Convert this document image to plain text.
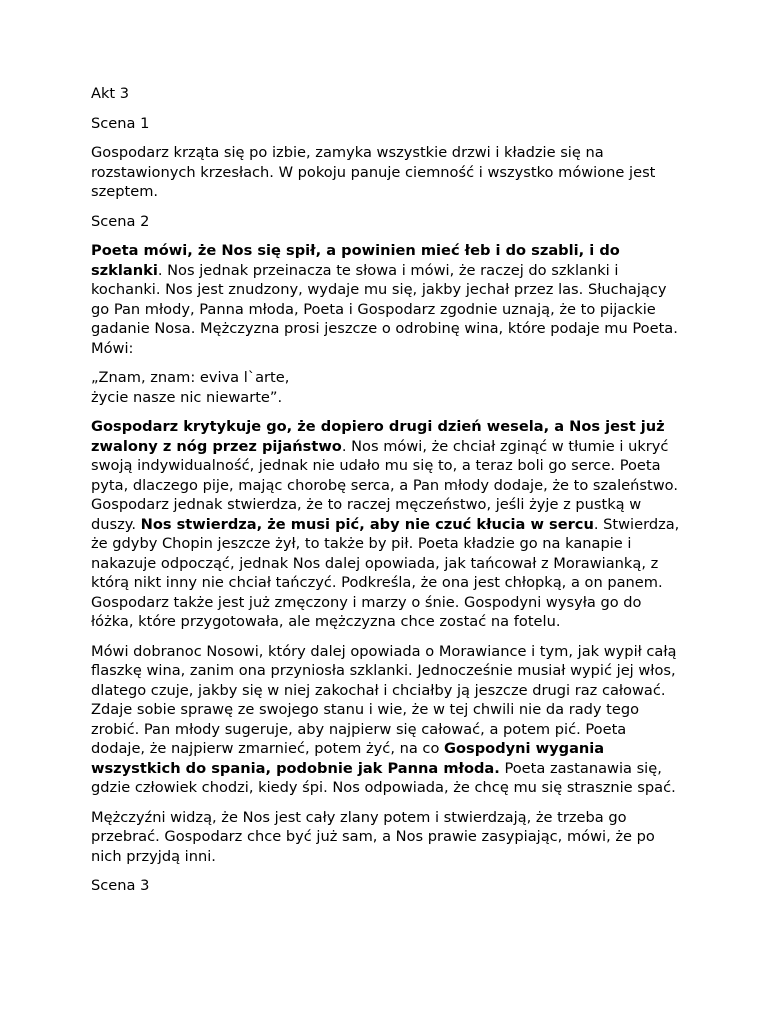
Akt 3

Scena 1

Gospodarz krząta się po izbie, zamyka wszystkie drzwi i kładzie się na rozstawionych krzesłach. W pokoju panuje ciemność i wszystko mówione jest szeptem.

Scena 2

Poeta mówi, że Nos się spił, a powinien mieć łeb i do szabli, i do szklanki. Nos jednak przeinacza te słowa i mówi, że raczej do szklanki i kochanki. Nos jest znudzony, wydaje mu się, jakby jechał przez las. Słuchający go Pan młody, Panna młoda, Poeta i Gospodarz zgodnie uznają, że to pijackie gadanie Nosa. Mężczyzna prosi jeszcze o odrobinę wina, które podaje mu Poeta. Mówi:

„Znam, znam: eviva l`arte,
życie nasze nic niewarte”.

Gospodarz krytykuje go, że dopiero drugi dzień wesela, a Nos jest już zwalony z nóg przez pijaństwo. Nos mówi, że chciał zginąć w tłumie i ukryć swoją indywidualność, jednak nie udało mu się to, a teraz boli go serce. Poeta pyta, dlaczego pije, mając chorobę serca, a Pan młody dodaje, że to szaleństwo. Gospodarz jednak stwierdza, że to raczej męczeństwo, jeśli żyje z pustką w duszy. Nos stwierdza, że musi pić, aby nie czuć kłucia w sercu. Stwierdza, że gdyby Chopin jeszcze żył, to także by pił. Poeta kładzie go na kanapie i nakazuje odpocząć, jednak Nos dalej opowiada, jak tańcował z Morawianką, z którą nikt inny nie chciał tańczyć. Podkreśla, że ona jest chłopką, a on panem. Gospodarz także jest już zmęczony i marzy o śnie. Gospodyni wysyła go do łóżka, które przygotowała, ale mężczyzna chce zostać na fotelu.

Mówi dobranoc Nosowi, który dalej opowiada o Morawiance i tym, jak wypił całą flaszkę wina, zanim ona przyniosła szklanki. Jednocześnie musiał wypić jej włos, dlatego czuje, jakby się w niej zakochał i chciałby ją jeszcze drugi raz całować. Zdaje sobie sprawę ze swojego stanu i wie, że w tej chwili nie da rady tego zrobić. Pan młody sugeruje, aby najpierw się całować, a potem pić. Poeta dodaje, że najpierw zmarnieć, potem żyć, na co Gospodyni wygania wszystkich do spania, podobnie jak Panna młoda. Poeta zastanawia się, gdzie człowiek chodzi, kiedy śpi. Nos odpowiada, że chcę mu się strasznie spać.

Mężczyźni widzą, że Nos jest cały zlany potem i stwierdzają, że trzeba go przebrać. Gospodarz chce być już sam, a Nos prawie zasypiając, mówi, że po nich przyjdą inni.

Scena 3
